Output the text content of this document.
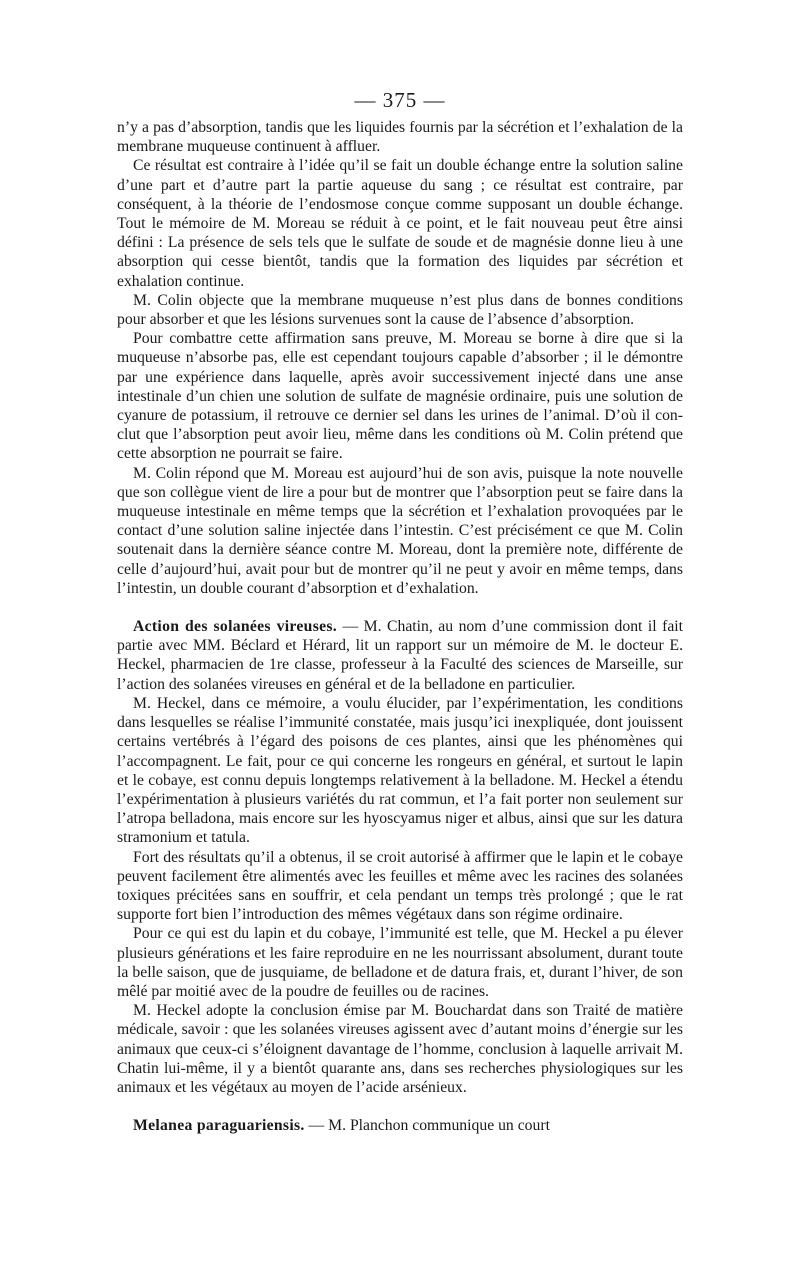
— 375 —

n’y a pas d’absorption, tandis que les liquides fournis par la sécrétion et l’exhalation de la membrane muqueuse continuent à affluer.

Ce résultat est contraire à l’idée qu’il se fait un double échange entre la solution saline d’une part et d’autre part la partie aqueuse du sang ; ce résultat est contraire, par conséquent, à la théorie de l’endosmose conçue comme supposant un double échange. Tout le mémoire de M. Moreau se réduit à ce point, et le fait nouveau peut être ainsi défini : La présence de sels tels que le sulfate de soude et de magnésie donne lieu à une absorption qui cesse bientôt, tandis que la formation des liquides par sécrétion et exhalation continue.

M. Colin objecte que la membrane muqueuse n’est plus dans de bonnes conditions pour absorber et que les lésions survenues sont la cause de l’absence d’absorption.

Pour combattre cette affirmation sans preuve, M. Moreau se borne à dire que si la muqueuse n’absorbe pas, elle est cependant toujours capable d’absorber ; il le démontre par une expérience dans laquelle, après avoir successivement injecté dans une anse intestinale d’un chien une solution de sulfate de magnésie ordinaire, puis une solution de cyanure de potassium, il retrouve ce dernier sel dans les urines de l’animal. D’où il conclut que l’absorption peut avoir lieu, même dans les conditions où M. Colin prétend que cette absorption ne pourrait se faire.

M. Colin répond que M. Moreau est aujourd’hui de son avis, puisque la note nouvelle que son collègue vient de lire a pour but de montrer que l’absorption peut se faire dans la muqueuse intestinale en même temps que la sécrétion et l’exhalation provoquées par le contact d’une solution saline injectée dans l’intestin. C’est précisément ce que M. Colin soutenait dans la dernière séance contre M. Moreau, dont la première note, différente de celle d’aujourd’hui, avait pour but de montrer qu’il ne peut y avoir en même temps, dans l’intestin, un double courant d’absorption et d’exhalation.

Action des solanées vireuses. — M. Chatin, au nom d’une commission dont il fait partie avec MM. Béclard et Hérard, lit un rapport sur un mémoire de M. le docteur E. Heckel, pharmacien de 1re classe, professeur à la Faculté des sciences de Marseille, sur l’action des solanées vireuses en général et de la belladone en particulier.

M. Heckel, dans ce mémoire, a voulu élucider, par l’expérimentation, les conditions dans lesquelles se réalise l’immunité constatée, mais jusqu’ici inexpliquée, dont jouissent certains vertébrés à l’égard des poisons de ces plantes, ainsi que les phénomènes qui l’accompagnent. Le fait, pour ce qui concerne les rongeurs en général, et surtout le lapin et le cobaye, est connu depuis longtemps relativement à la belladone. M. Heckel a étendu l’expérimentation à plusieurs variétés du rat commun, et l’a fait porter non seulement sur l’atropa belladona, mais encore sur les hyoscyamus niger et albus, ainsi que sur les datura stramonium et tatula.

Fort des résultats qu’il a obtenus, il se croit autorisé à affirmer que le lapin et le cobaye peuvent facilement être alimentés avec les feuilles et même avec les racines des solanées toxiques précitées sans en souffrir, et cela pendant un temps très prolongé ; que le rat supporte fort bien l’introduction des mêmes végétaux dans son régime ordinaire.

Pour ce qui est du lapin et du cobaye, l’immunité est telle, que M. Heckel a pu élever plusieurs générations et les faire reproduire en ne les nourrissant absolument, durant toute la belle saison, que de jusquiame, de belladone et de datura frais, et, durant l’hiver, de son mêlé par moitié avec de la poudre de feuilles ou de racines.

M. Heckel adopte la conclusion émise par M. Bouchardat dans son Traité de matière médicale, savoir : que les solanées vireuses agissent avec d’autant moins d’énergie sur les animaux que ceux-ci s’éloignent davantage de l’homme, conclusion à laquelle arrivait M. Chatin lui-même, il y a bientôt quarante ans, dans ses recherches physiologiques sur les animaux et les végétaux au moyen de l’acide arsénieux.

Melanea paraguariensis. — M. Planchon communique un court
